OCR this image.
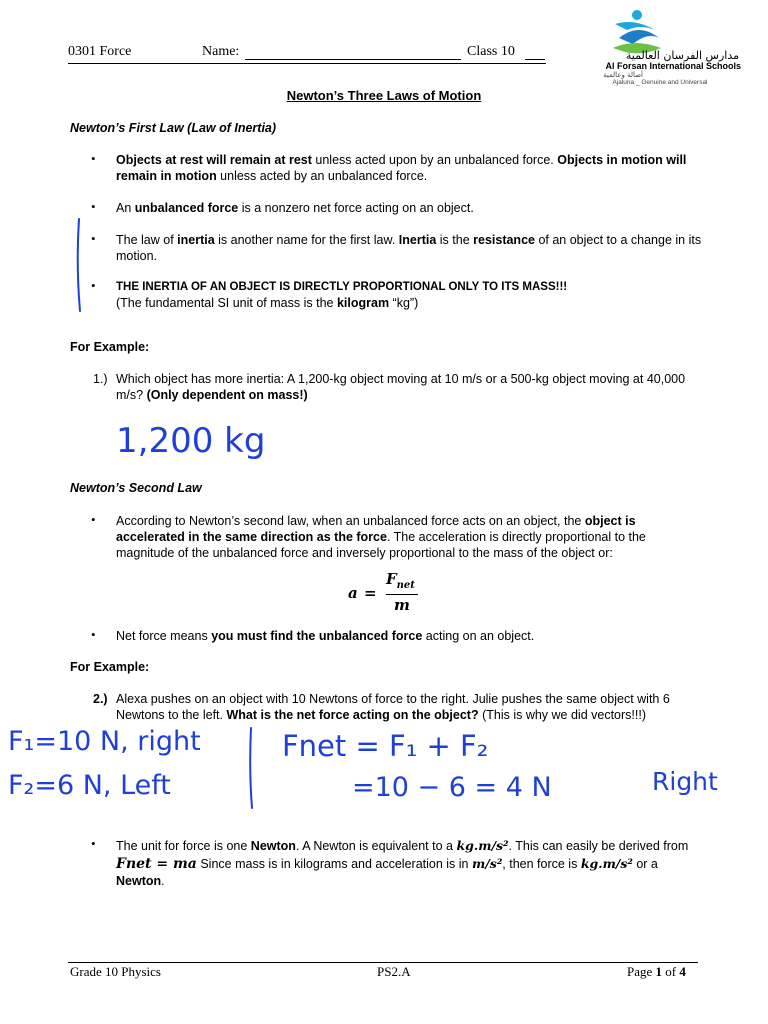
0301 Force	Name:	Class 10	مدارس الفرسان العالمية
Al Forsan International Schools
أصالة وعالمية
Ajaluna _ Genuine and Universal
Newton’s Three Laws of Motion
Newton’s First Law (Law of Inertia)
• Objects at rest will remain at rest unless acted upon by an unbalanced force. Objects in motion will remain in motion unless acted by an unbalanced force.
• An unbalanced force is a nonzero net force acting on an object.
• The law of inertia is another name for the first law. Inertia is the resistance of an object to a change in its motion.
• THE INERTIA OF AN OBJECT IS DIRECTLY PROPORTIONAL ONLY TO ITS MASS!!!
(The fundamental SI unit of mass is the kilogram “kg”)
For Example:
1.) Which object has more inertia: A 1,200-kg object moving at 10 m/s or a 500-kg object moving at 40,000 m/s? (Only dependent on mass!)
1,200 kg
Newton’s Second Law
• According to Newton’s second law, when an unbalanced force acts on an object, the object is accelerated in the same direction as the force. The acceleration is directly proportional to the magnitude of the unbalanced force and inversely proportional to the mass of the object or:
a =
$F_{net}$
m
• Net force means you must find the unbalanced force acting on an object.
For Example:
2.) Alexa pushes on an object with 10 Newtons of force to the right. Julie pushes the same object with 6 Newtons to the left. What is the net force acting on the object? (This is why we did vectors!!!)
F₁=10 N, right
F₂=6 N, Left
Fnet = F₁ + F₂
=10 − 6 = 4 N	Right
• The unit for force is one Newton. A Newton is equivalent to a kg.m/s². This can easily be derived from Fnet = ma Since mass is in kilograms and acceleration is in m/s², then force is kg.m/s² or a Newton.
Grade 10 Physics	PS2.A	Page 1 of 4
